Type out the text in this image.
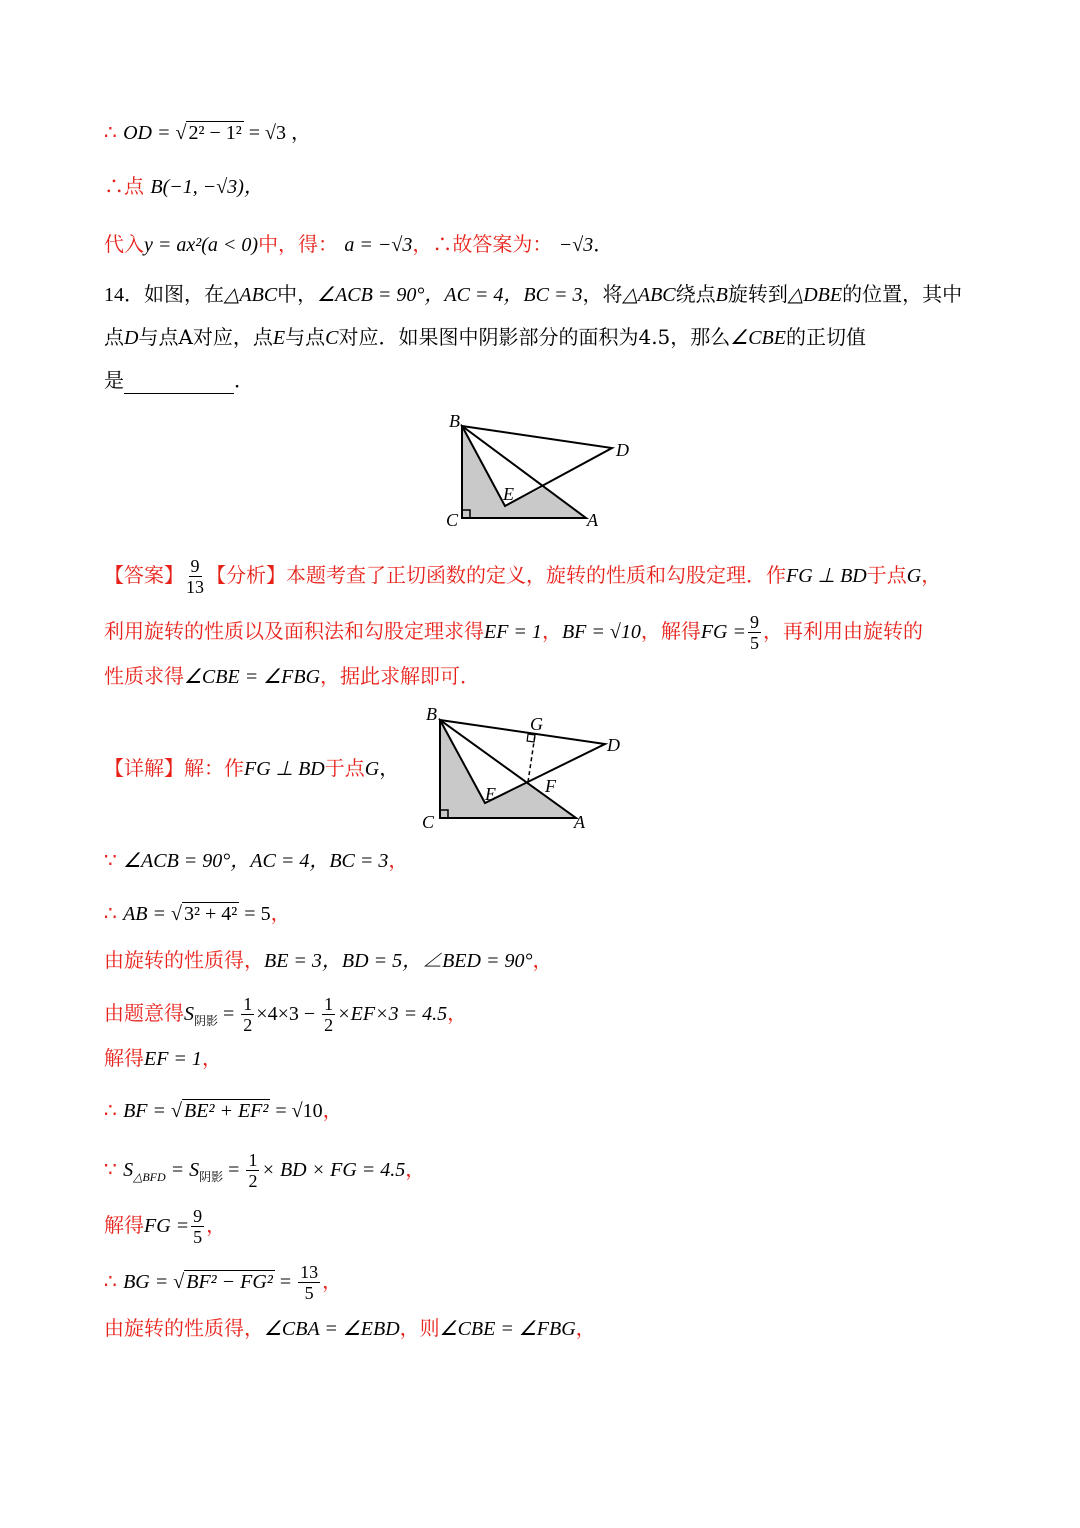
∴ OD = √ 2² − 1² = √3 ，
∴点 B(−1, −√3)，
代入y = ax²(a < 0)中，得： a = −√3，∴故答案为： −√3．
14．如图，在△ABC中，∠ACB = 90°，AC = 4，BC = 3，将△ABC绕点B旋转到△DBE的位置，其中
点D与点A对应，点E与点C对应．如果图中阴影部分的面积为4.5，那么∠CBE的正切值
是	．
B
D
E
C	A
【答案】 $\frac{9}{13}$ 【分析】本题考查了正切函数的定义，旋转的性质和勾股定理．作FG ⊥ BD于点G，
利用旋转的性质以及面积法和勾股定理求得EF = 1，BF = √10，解得FG = $\frac{9}{5}$ ，再利用由旋转的
性质求得∠CBE = ∠FBG，据此求解即可．
【详解】解：作FG ⊥ BD于点G，
B	G
D
F
E
C	A
∵ ∠ACB = 90°，AC = 4，BC = 3，
∴ AB = √ 3² + 4² = 5，
由旋转的性质得，BE = 3，BD = 5，∠BED = 90°，
由题意得$S_{阴影} = \frac{1}{2} \times 4\times 3 - \frac{1}{2} \times EF\times 3 = 4.5$，
解得EF = 1，
∴ BF = √ BE² + EF² = √10，
∵ $S_{\triangle BFD} = S_{阴影} = \frac{1}{2}$ × BD × FG = 4.5，
解得FG = $\frac{9}{5}$ ，
∴ BG = √ $BF^2 - FG^2 = \frac{13}{5}$ ，
由旋转的性质得，∠CBA = ∠EBD，则∠CBE = ∠FBG，
